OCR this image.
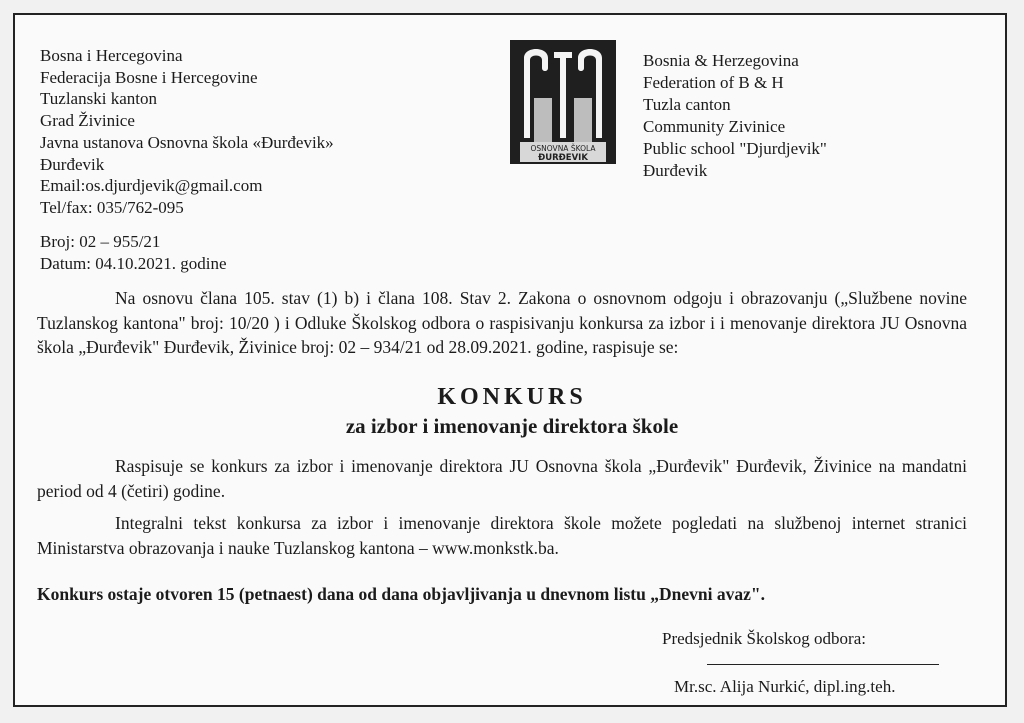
Bosna i Hercegovina
Federacija Bosne i Hercegovine
Tuzlanski kanton
Grad Živinice
Javna ustanova Osnovna škola «Đurđevik»
Đurđevik
Email:os.djurdjevik@gmail.com
Tel/fax: 035/762-095
OSNOVNA ŠKOLA
ĐURĐEVIK
Bosnia & Herzegovina
Federation of B & H
Tuzla canton
Community Zivinice
Public school "Djurdjevik"
Đurđevik
Broj: 02 – 955/21
Datum: 04.10.2021. godine

Na osnovu člana 105. stav (1) b) i člana 108. Stav 2. Zakona o osnovnom odgoju i obrazovanju („Službene novine Tuzlanskog kantona" broj: 10/20 ) i Odluke Školskog odbora o raspisivanju konkursa za izbor i i menovanje direktora JU Osnovna škola „Đurđevik" Đurđevik, Živinice broj: 02 – 934/21 od 28.09.2021. godine, raspisuje se:

KONKURS
za izbor i imenovanje direktora škole

Raspisuje se konkurs za izbor i imenovanje direktora JU Osnovna škola „Đurđevik" Đurđevik, Živinice na mandatni period od 4 (četiri) godine.

Integralni tekst konkursa za izbor i imenovanje direktora škole možete pogledati na službenoj internet stranici Ministarstva obrazovanja i nauke Tuzlanskog kantona – www.monkstk.ba.

Konkurs ostaje otvoren 15 (petnaest) dana od dana objavljivanja u dnevnom listu „Dnevni avaz".

Predsjednik Školskog odbora:
Mr.sc. Alija Nurkić, dipl.ing.teh.
